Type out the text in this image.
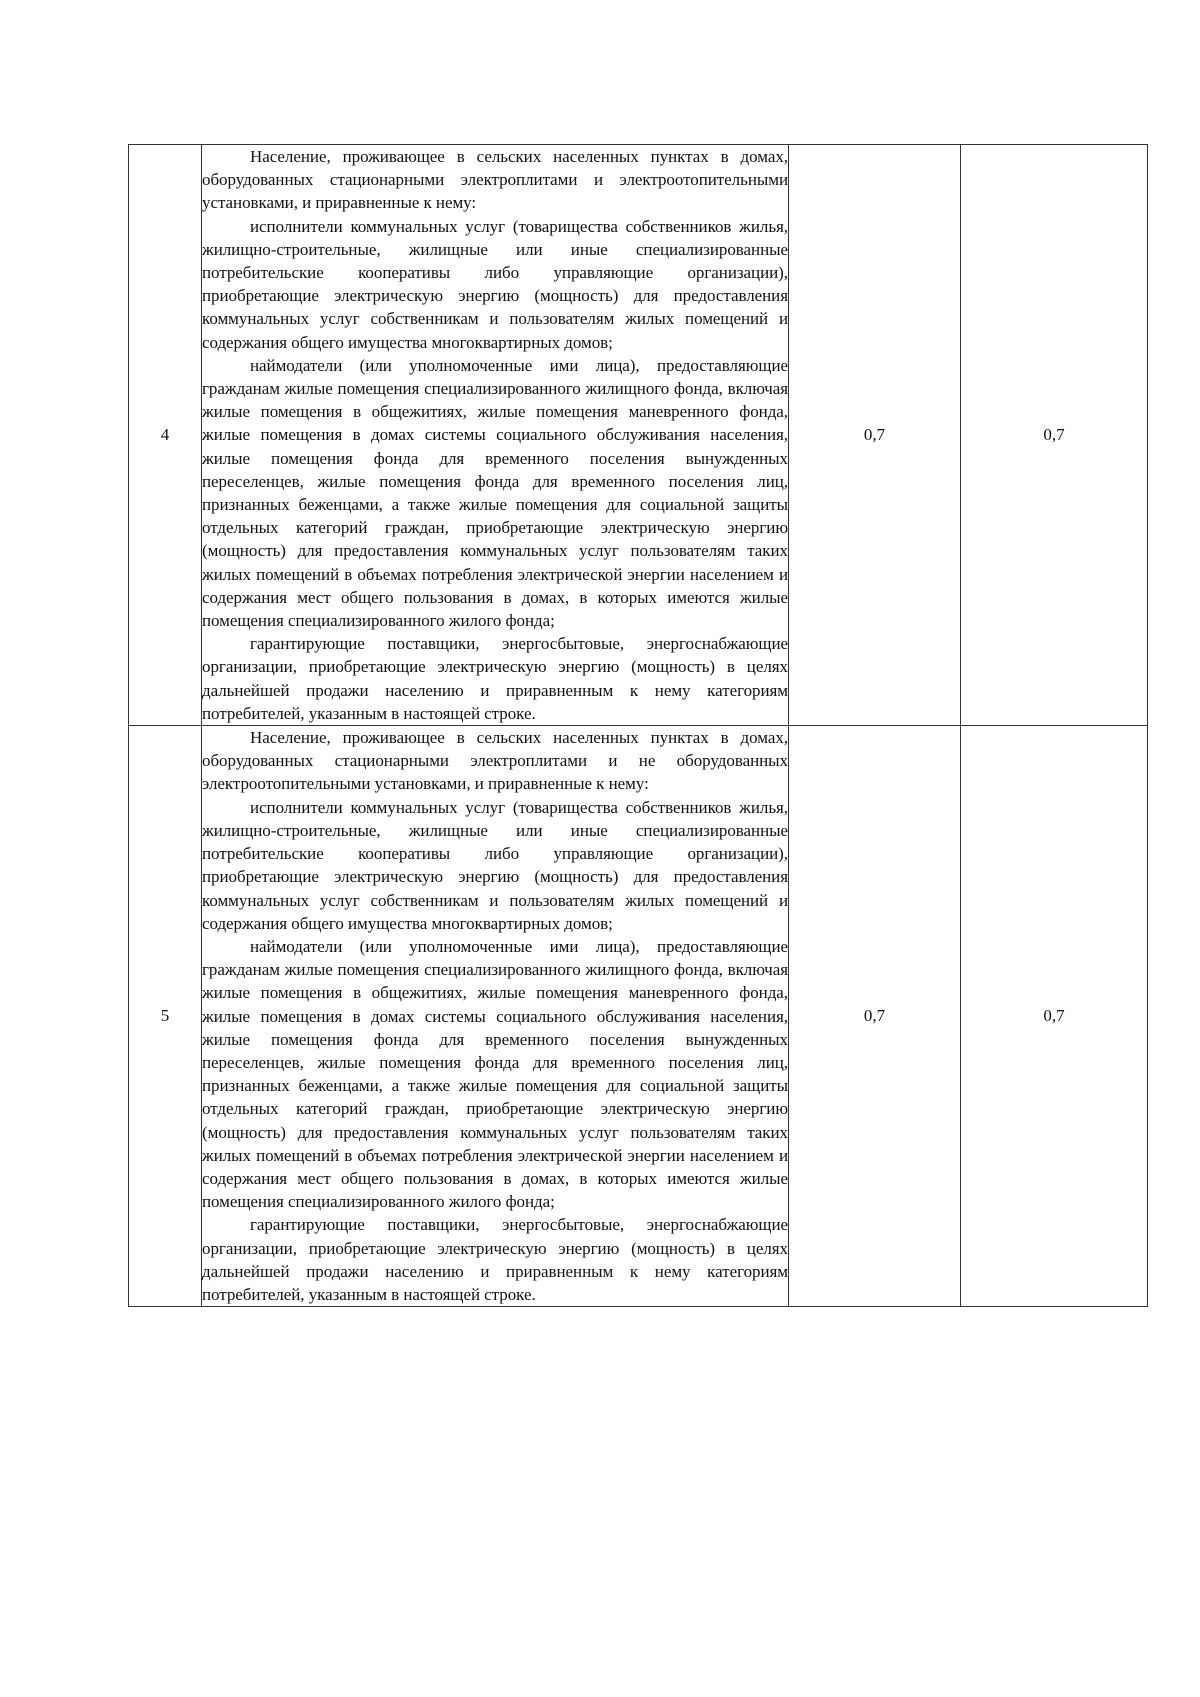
4	Население, проживающее в сельских населенных пунктах в домах, оборудованных стационарными электроплитами и электроотопительными установками, и приравненные к нему:

исполнители коммунальных услуг (товарищества собственников жилья, жилищно-строительные, жилищные или иные специализированные потребительские кооперативы либо управляющие организации), приобретающие электрическую энергию (мощность) для предоставления коммунальных услуг собственникам и пользователям жилых помещений и содержания общего имущества многоквартирных домов;

наймодатели (или уполномоченные ими лица), предоставляющие гражданам жилые помещения специализированного жилищного фонда, включая жилые помещения в общежитиях, жилые помещения маневренного фонда, жилые помещения в домах системы социального обслуживания населения, жилые помещения фонда для временного поселения вынужденных переселенцев, жилые помещения фонда для временного поселения лиц, признанных беженцами, а также жилые помещения для социальной защиты отдельных категорий граждан, приобретающие электрическую энергию (мощность) для предоставления коммунальных услуг пользователям таких жилых помещений в объемах потребления электрической энергии населением и содержания мест общего пользования в домах, в которых имеются жилые помещения специализированного жилого фонда;

гарантирующие поставщики, энергосбытовые, энергоснабжающие организации, приобретающие электрическую энергию (мощность) в целях дальнейшей продажи населению и приравненным к нему категориям потребителей, указанным в настоящей строке.	0,7	0,7
5	Население, проживающее в сельских населенных пунктах в домах, оборудованных стационарными электроплитами и не оборудованных электроотопительными установками, и приравненные к нему:

исполнители коммунальных услуг (товарищества собственников жилья, жилищно-строительные, жилищные или иные специализированные потребительские кооперативы либо управляющие организации), приобретающие электрическую энергию (мощность) для предоставления коммунальных услуг собственникам и пользователям жилых помещений и содержания общего имущества многоквартирных домов;

наймодатели (или уполномоченные ими лица), предоставляющие гражданам жилые помещения специализированного жилищного фонда, включая жилые помещения в общежитиях, жилые помещения маневренного фонда, жилые помещения в домах системы социального обслуживания населения, жилые помещения фонда для временного поселения вынужденных переселенцев, жилые помещения фонда для временного поселения лиц, признанных беженцами, а также жилые помещения для социальной защиты отдельных категорий граждан, приобретающие электрическую энергию (мощность) для предоставления коммунальных услуг пользователям таких жилых помещений в объемах потребления электрической энергии населением и содержания мест общего пользования в домах, в которых имеются жилые помещения специализированного жилого фонда;

гарантирующие поставщики, энергосбытовые, энергоснабжающие организации, приобретающие электрическую энергию (мощность) в целях дальнейшей продажи населению и приравненным к нему категориям потребителей, указанным в настоящей строке.	0,7	0,7
